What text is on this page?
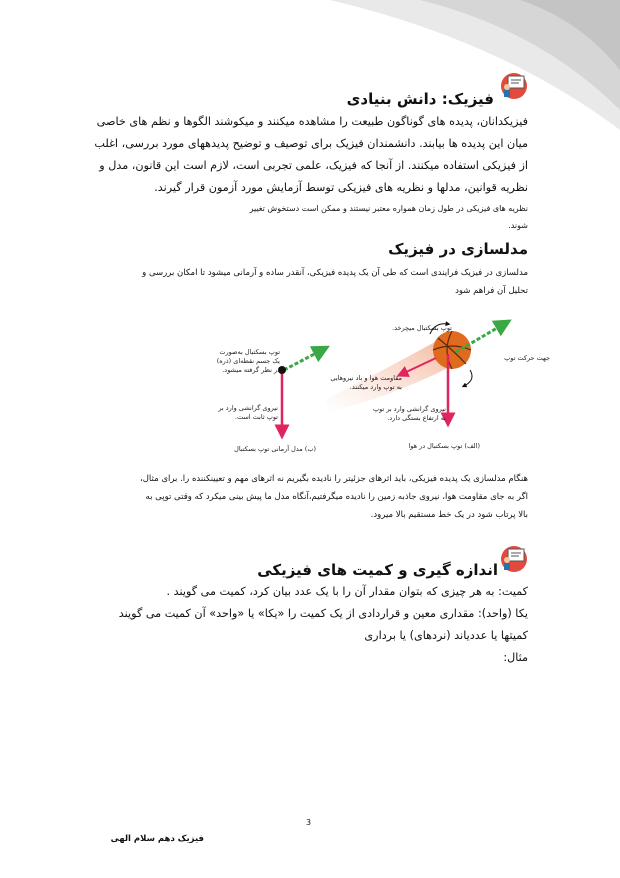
فیزیک: دانش بنیادی
فیزیکدانان، پدیده های گوناگون طبیعت را مشاهده میکنند و میکوشند الگوها و نظم های خاصی
میان این پدیده ها بیابند. دانشمندان فیزیک برای توصیف و توضیح پدیدههای مورد بررسی، اغلب
از فیزیکی استفاده میکنند. از آنجا که فیزیک، علمی تجربی است، لازم است این قانون، مدل و
نظریه قوانین، مدلها و نظریه های فیزیکی توسط آزمایش مورد آزمون قرار گیرند.
نظریه های فیزیکی در طول زمان همواره معتبر نیستند و ممکن است دستخوش تغییر
شوند.
مدلسازی در فیزیک
مدلسازی در فیزیک فرایندی است که طی آن یک پدیده فیزیکی، آنقدر ساده و آرمانی میشود تا امکان بررسی و
تحلیل آن فراهم شود
توپ بسکتبال میچرخد.
جهت حرکت توپ
مقاومت هوا و باد نیروهایی
به توپ وارد میکنند.
نیروی گرانشی وارد بر توپ
به ارتفاع بستگی دارد.
(الف) توپ بسکتبال در هوا
توپ بسکتبال به‌صورت
یک جسم نقطه‌ای (ذره)
در نظر گرفته میشود.
نیروی گرانشی وارد بر
توپ ثابت است.
(ب) مدل آرمانی توپ بسکتبال
هنگام مدلسازی یک پدیده فیزیکی، باید اثرهای جزئیتر را نادیده بگیریم نه اثرهای مهم و تعیینکننده را. برای مثال،
اگر به جای مقاومت هوا، نیروی جاذبه زمین را نادیده میگرفتیم،آنگاه مدل ما پیش بینی میکرد که وقتی توپی به
بالا پرتاب شود در یک خط مستقیم بالا میرود.
اندازه گیری و کمیت های فیزیکی
کمیت: به هر چیزی که بتوان مقدار آن را با یک عدد بیان کرد، کمیت می گویند .
یکا (واحد): مقداری معین و قراردادی از یک کمیت را «یکا» یا «واحد» آن کمیت می گویند
کمیتها یا عددیاند (نردهای) یا برداری
مثال:
3
فیزیک دهم سلام الهی
